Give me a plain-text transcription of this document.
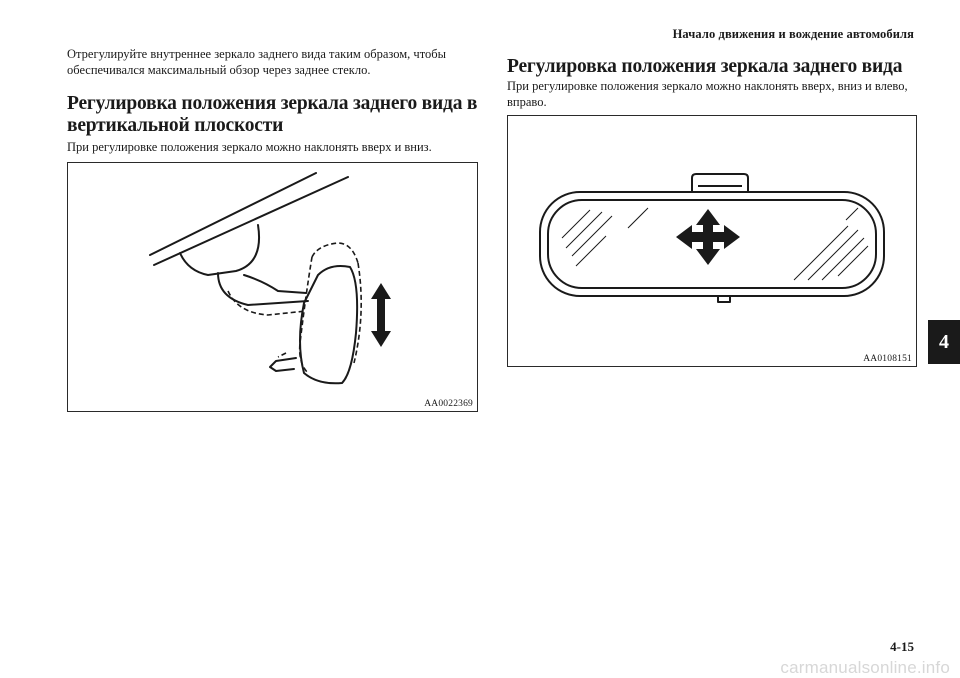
Начало движения и вождение автомобиля

Отрегулируйте внутреннее зеркало заднего вида таким образом, чтобы обеспечивался максимальный обзор через заднее стекло.

Регулировка положения зеркала заднего вида в вертикальной плоскости

При регулировке положения зеркало можно наклонять вверх и вниз.

AA0022369
Регулировка положения зеркала заднего вида

При регулировке положения зеркало можно наклонять вверх, вниз и влево, вправо.

AA0108151
4
4-15
carmanualsonline.info
